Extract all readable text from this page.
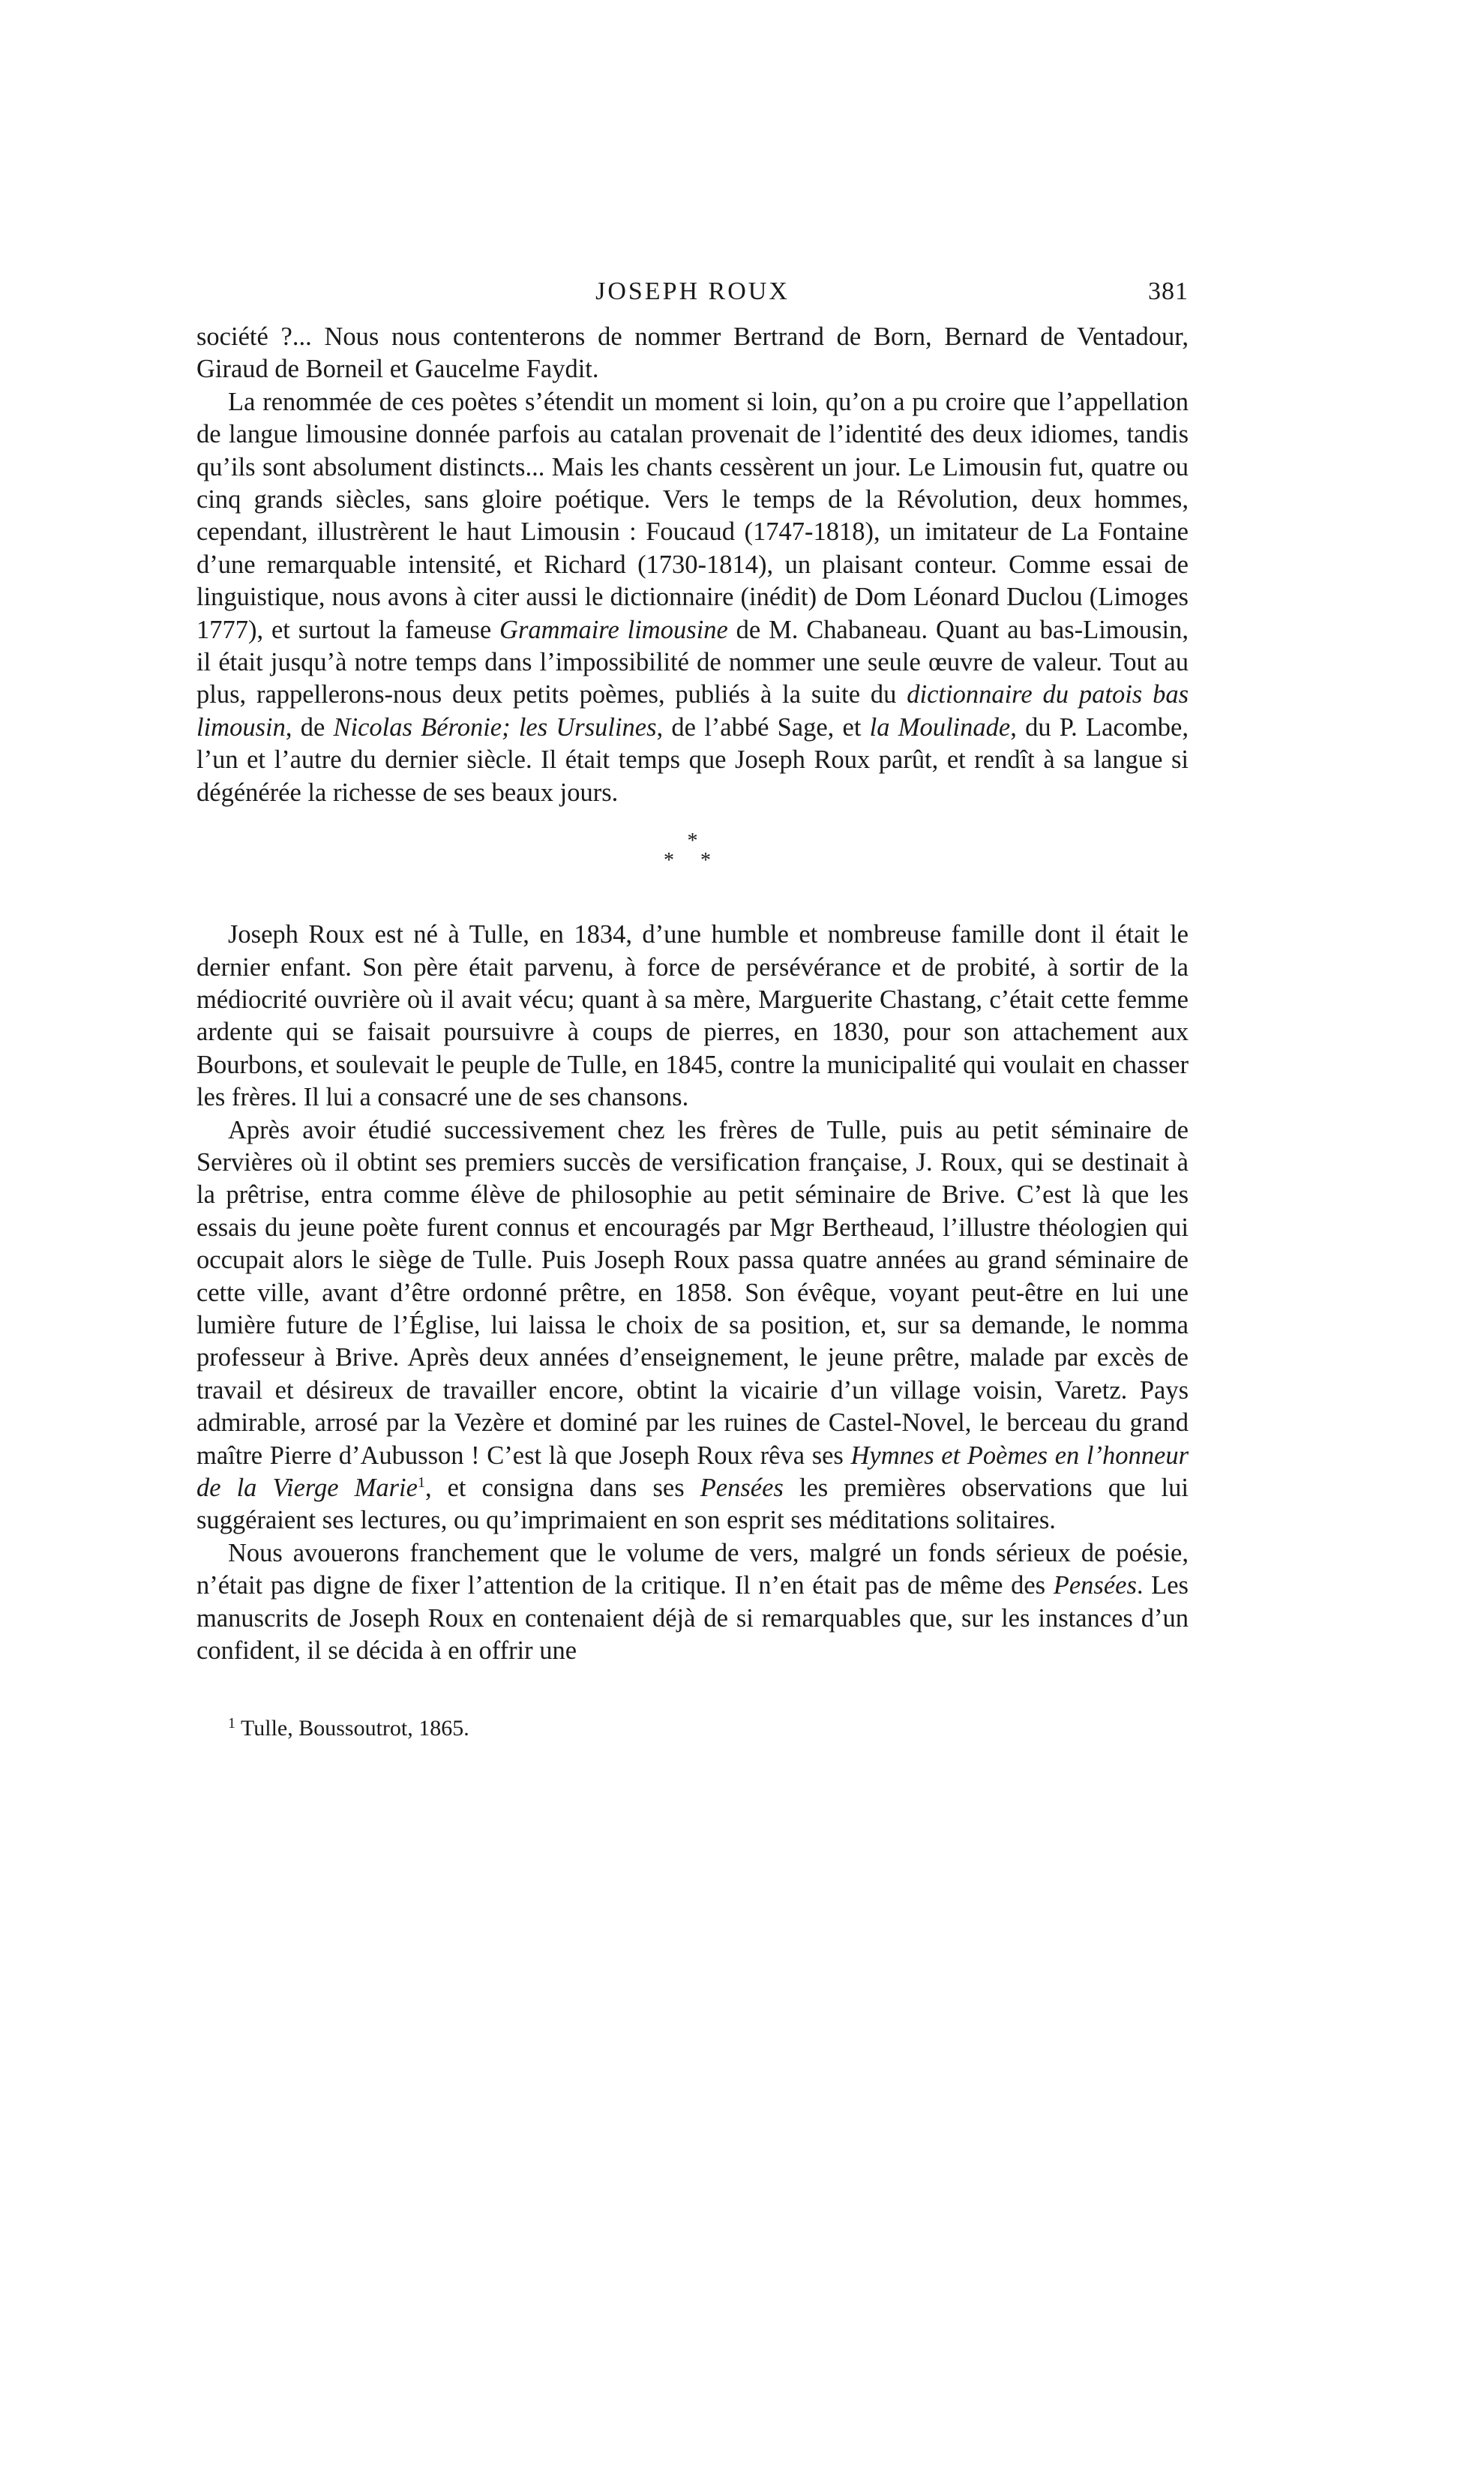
JOSEPH ROUX	381

société ?... Nous nous contenterons de nommer Bertrand de Born, Bernard de Ventadour, Giraud de Borneil et Gaucelme Faydit.

La renommée de ces poètes s’étendit un moment si loin, qu’on a pu croire que l’appellation de langue limousine donnée parfois au catalan provenait de l’identité des deux idiomes, tandis qu’ils sont absolument distincts... Mais les chants cessèrent un jour. Le Limousin fut, quatre ou cinq grands siècles, sans gloire poétique. Vers le temps de la Révolution, deux hommes, cependant, illustrèrent le haut Limousin : Foucaud (1747-1818), un imitateur de La Fontaine d’une remarquable intensité, et Richard (1730-1814), un plaisant conteur. Comme essai de linguistique, nous avons à citer aussi le dictionnaire (inédit) de Dom Léonard Duclou (Limoges 1777), et surtout la fameuse Grammaire limousine de M. Chabaneau. Quant au bas-Limousin, il était jusqu’à notre temps dans l’impossibilité de nommer une seule œuvre de valeur. Tout au plus, rappellerons-nous deux petits poèmes, publiés à la suite du dictionnaire du patois bas limousin, de Nicolas Béronie; les Ursulines, de l’abbé Sage, et la Moulinade, du P. Lacombe, l’un et l’autre du dernier siècle. Il était temps que Joseph Roux parût, et rendît à sa langue si dégénérée la richesse de ses beaux jours.

*
* *

Joseph Roux est né à Tulle, en 1834, d’une humble et nombreuse famille dont il était le dernier enfant. Son père était parvenu, à force de persévérance et de probité, à sortir de la médiocrité ouvrière où il avait vécu; quant à sa mère, Marguerite Chastang, c’était cette femme ardente qui se faisait poursuivre à coups de pierres, en 1830, pour son attachement aux Bourbons, et soulevait le peuple de Tulle, en 1845, contre la municipalité qui voulait en chasser les frères. Il lui a consacré une de ses chansons.

Après avoir étudié successivement chez les frères de Tulle, puis au petit séminaire de Servières où il obtint ses premiers succès de versification française, J. Roux, qui se destinait à la prêtrise, entra comme élève de philosophie au petit séminaire de Brive. C’est là que les essais du jeune poète furent connus et encouragés par Mgr Bertheaud, l’illustre théologien qui occupait alors le siège de Tulle. Puis Joseph Roux passa quatre années au grand séminaire de cette ville, avant d’être ordonné prêtre, en 1858. Son évêque, voyant peut-être en lui une lumière future de l’Église, lui laissa le choix de sa position, et, sur sa demande, le nomma professeur à Brive. Après deux années d’enseignement, le jeune prêtre, malade par excès de travail et désireux de travailler encore, obtint la vicairie d’un village voisin, Varetz. Pays admirable, arrosé par la Vezère et dominé par les ruines de Castel-Novel, le berceau du grand maître Pierre d’Aubusson ! C’est là que Joseph Roux rêva ses Hymnes et Poèmes en l’honneur de la Vierge Marie$^1$, et consigna dans ses Pensées les premières observations que lui suggéraient ses lectures, ou qu’imprimaient en son esprit ses méditations solitaires.

Nous avouerons franchement que le volume de vers, malgré un fonds sérieux de poésie, n’était pas digne de fixer l’attention de la critique. Il n’en était pas de même des Pensées. Les manuscrits de Joseph Roux en contenaient déjà de si remarquables que, sur les instances d’un confident, il se décida à en offrir une

$^1$ Tulle, Boussoutrot, 1865.
